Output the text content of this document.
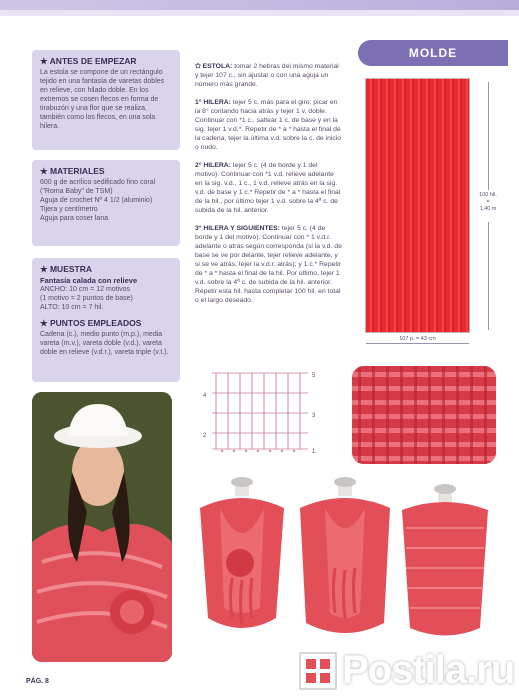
MOLDE
★ ANTES DE EMPEZAR

La estola se compone de un rectángulo tejido en una fantasía de varetas dobles en relieve, con hilado doble. En los extremos se cosen flecos en forma de tirabuzón y una flor que se realiza, también como los flecos, en una sola hilera.

★ MATERIALES

600 g de acrílico sedificado fino coral ("Roma Baby" de TSM)

Aguja de crochet Nº 4 1/2 (aluminio)

Tijera y centímetro

Aguja para coser lana

★ MUESTRA

Fantasía calada con relieve

ANCHO: 10 cm = 12 motivos

(1 motivo = 2 puntos de base)

ALTO: 10 cm = 7 hil.

★ PUNTOS EMPLEADOS

Cadena (c.), medio punto (m.p.), media vareta (m.v.), vareta doble (v.d.), vareta doble en relieve (v.d.r.), vareta triple (v.t.).

✩ ESTOLA: tomar 2 hebras del mismo material y tejer 107 c., sin ajustar o con una aguja un número más grande.

1° HILERA: tejer 5 c. más para el giro; picar en la 8° contando hacia atrás y tejer 1 v. doble. Continuar con *1 c., saltear 1 c. de base y en la sig. tejer 1 v.d.*. Repetir de * a * hasta el final de la cadena, tejer la última v.d. sobre la c. de inicio o nudo.

2° HILERA: tejer 5 c. (4 de borde y 1 del motivo). Continuar con *1 v.d. relieve adelante en la sig. v.d., 1 c., 1 v.d. relieve atrás en la sig. v.d. de base y 1 c.* Repetir de * a * hasta el final de la hil., por último tejer 1 v.d. sobre la 4ª c. de subida de la hil. anterior.

3° HILERA Y SIGUIENTES: tejer 5 c. (4 de borde y 1 del motivo). Continuar con * 1 v.d.r. adelante o atrás según corresponda (si la v.d. de base se ve por delante, tejer relieve adelante, y si se ve atrás, tejer la v.d.r. atrás); y 1 c.* Repetir de * a * hasta el final de la hil. Por último, tejer 1 v.d. sobre la 4ª c. de subida de la hil. anterior. Repetir esta hil. hasta completar 100 hil. en total o el largo deseado.

100 hil.
=
1,40 m
107 p. = 43 cm
4
2
5
3
1
PÁG. 8	Postila.ru
